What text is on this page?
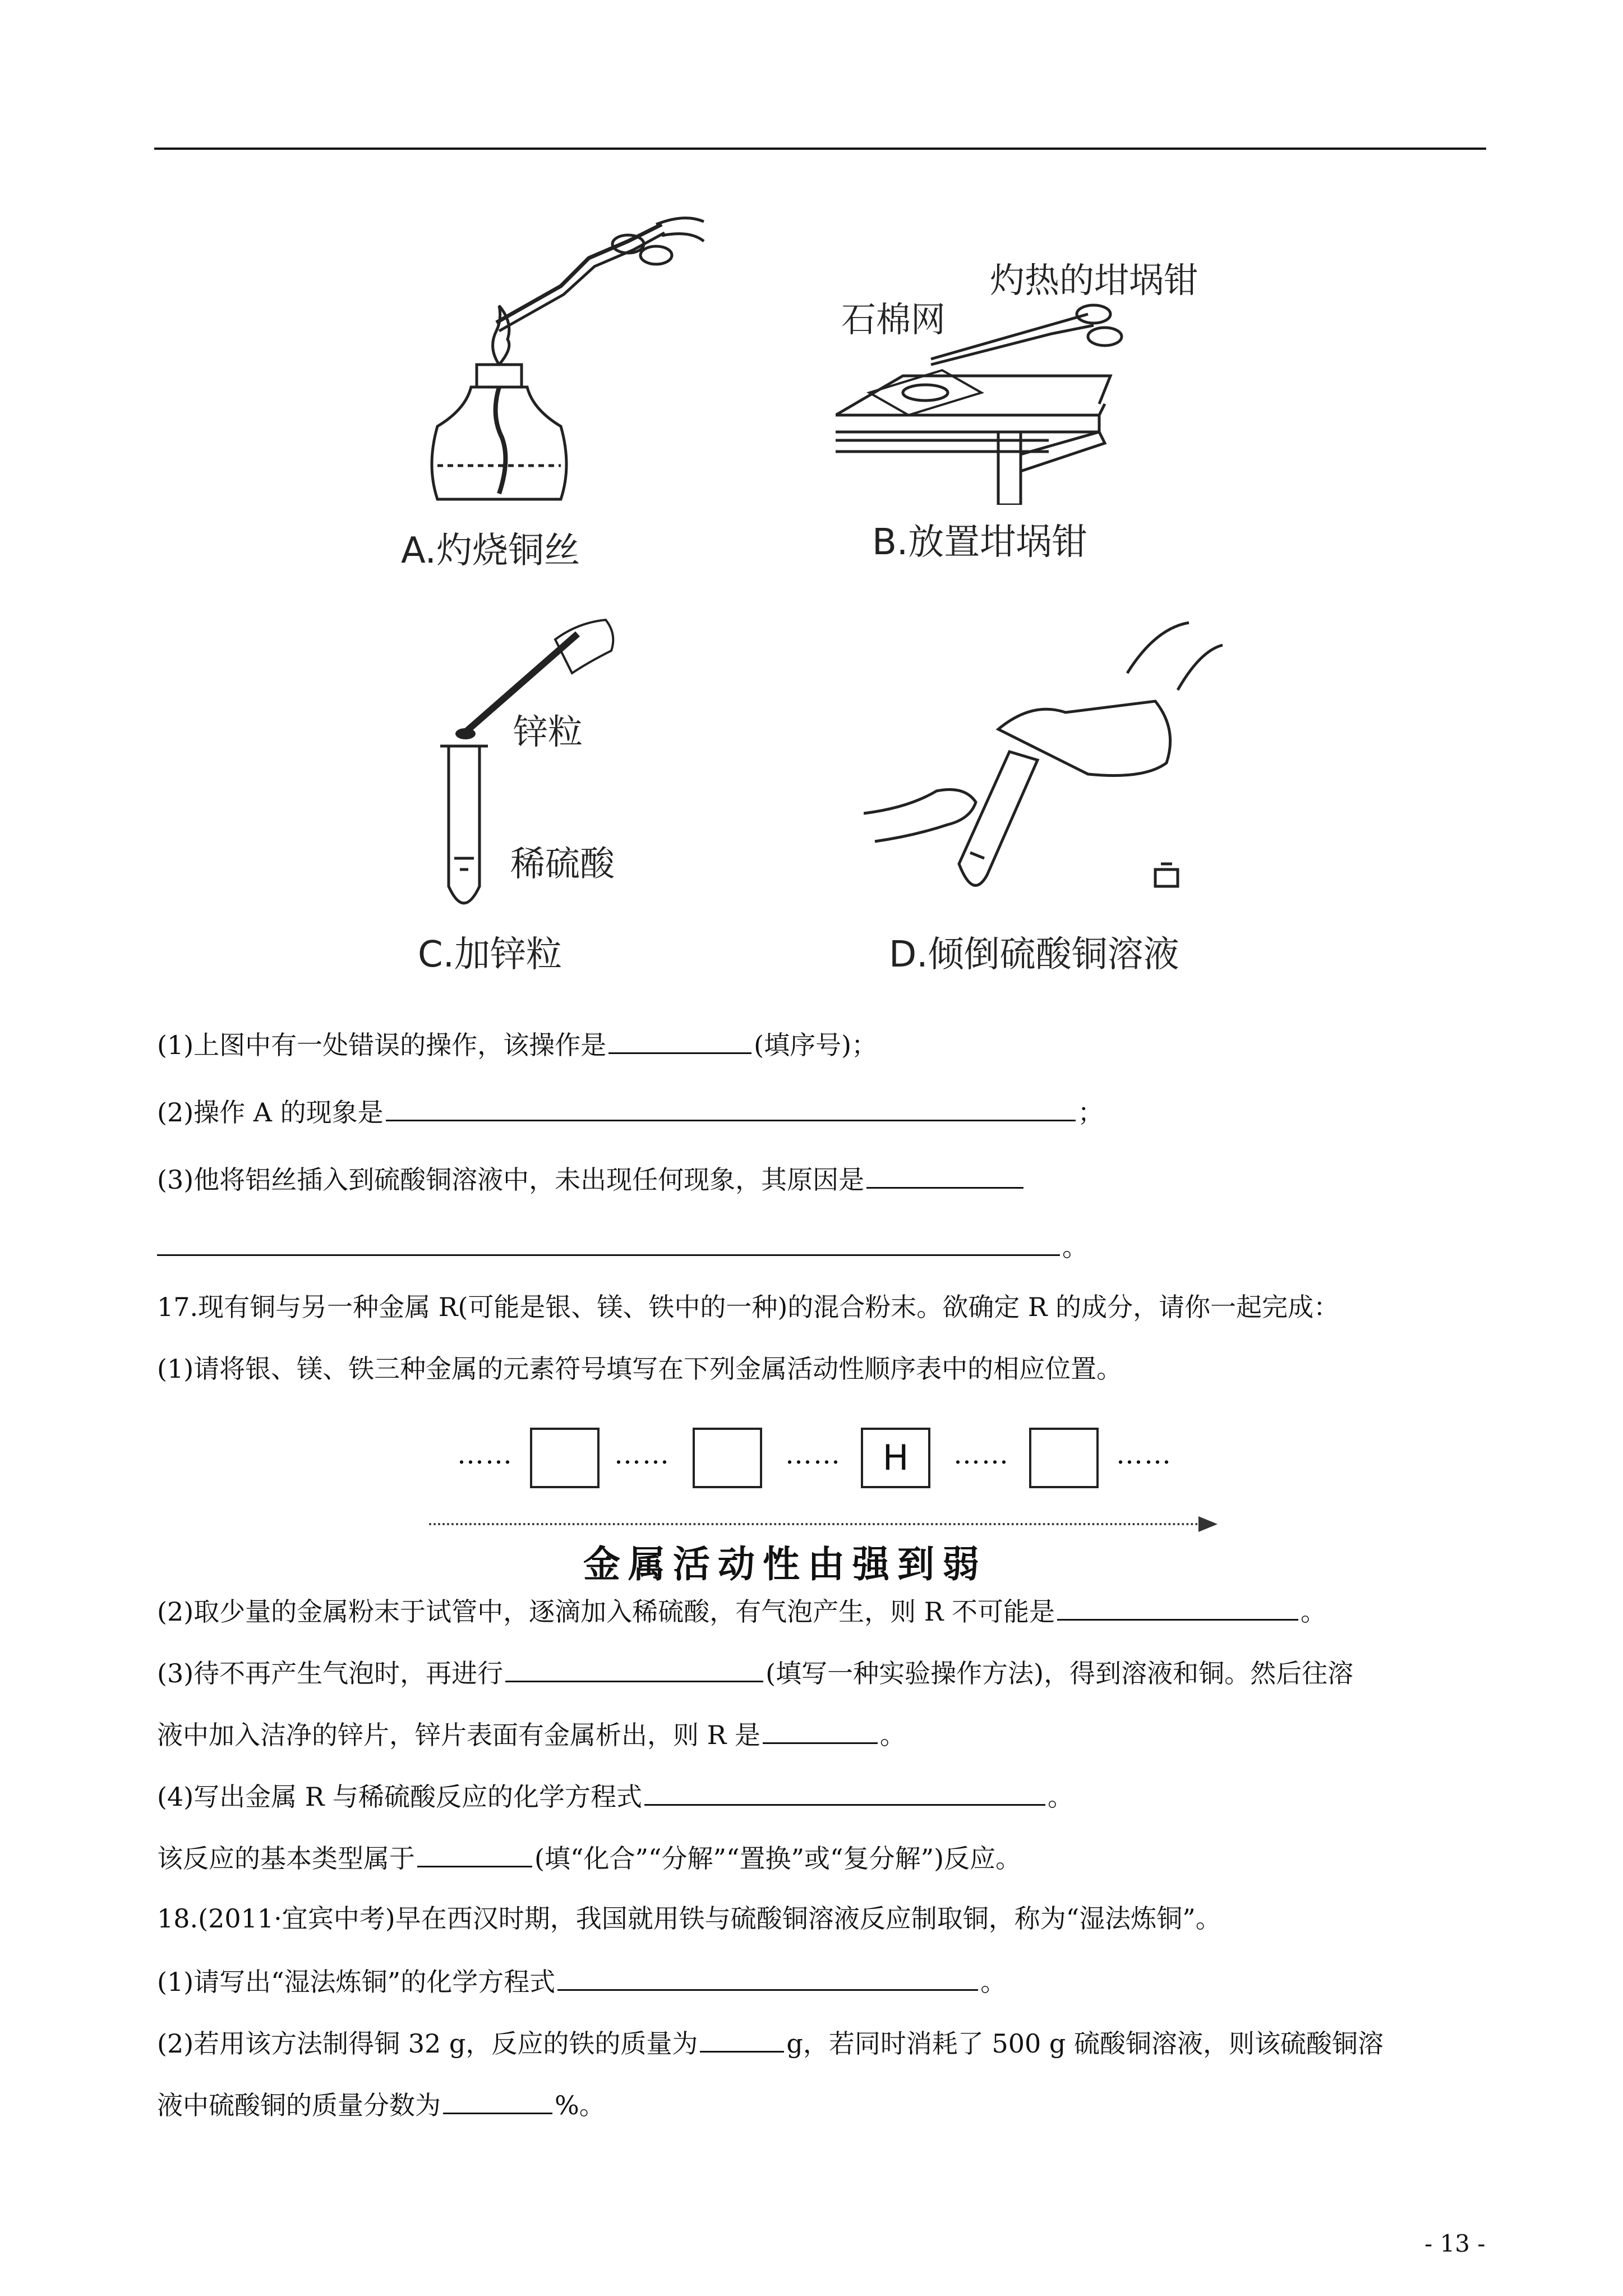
A.灼烧铜丝
石棉网
灼热的坩埚钳
B.放置坩埚钳
锌粒
稀硫酸
C.加锌粒	D.倾倒硫酸铜溶液
(1)上图中有一处错误的操作，该操作是	(填序号)；
(2)操作 A 的现象是	；
(3)他将铝丝插入到硫酸铜溶液中，未出现任何现象，其原因是
。
17.现有铜与另一种金属 R(可能是银、镁、铁中的一种)的混合粉末。欲确定 R 的成分，请你一起完成：
(1)请将银、镁、铁三种金属的元素符号填写在下列金属活动性顺序表中的相应位置。
……	……	……	H	……	……
金属活动性由强到弱
(2)取少量的金属粉末于试管中，逐滴加入稀硫酸，有气泡产生，则 R 不可能是	。
(3)待不再产生气泡时，再进行	(填写一种实验操作方法)，得到溶液和铜。然后往溶
液中加入洁净的锌片，锌片表面有金属析出，则 R 是	。
(4)写出金属 R 与稀硫酸反应的化学方程式	。
该反应的基本类型属于	(填“化合”“分解”“置换”或“复分解”)反应。
18.(2011·宜宾中考)早在西汉时期，我国就用铁与硫酸铜溶液反应制取铜，称为“湿法炼铜”。
(1)请写出“湿法炼铜”的化学方程式	。
(2)若用该方法制得铜 32 g，反应的铁的质量为	g，若同时消耗了 500 g 硫酸铜溶液，则该硫酸铜溶
液中硫酸铜的质量分数为	%。
- 13 -
